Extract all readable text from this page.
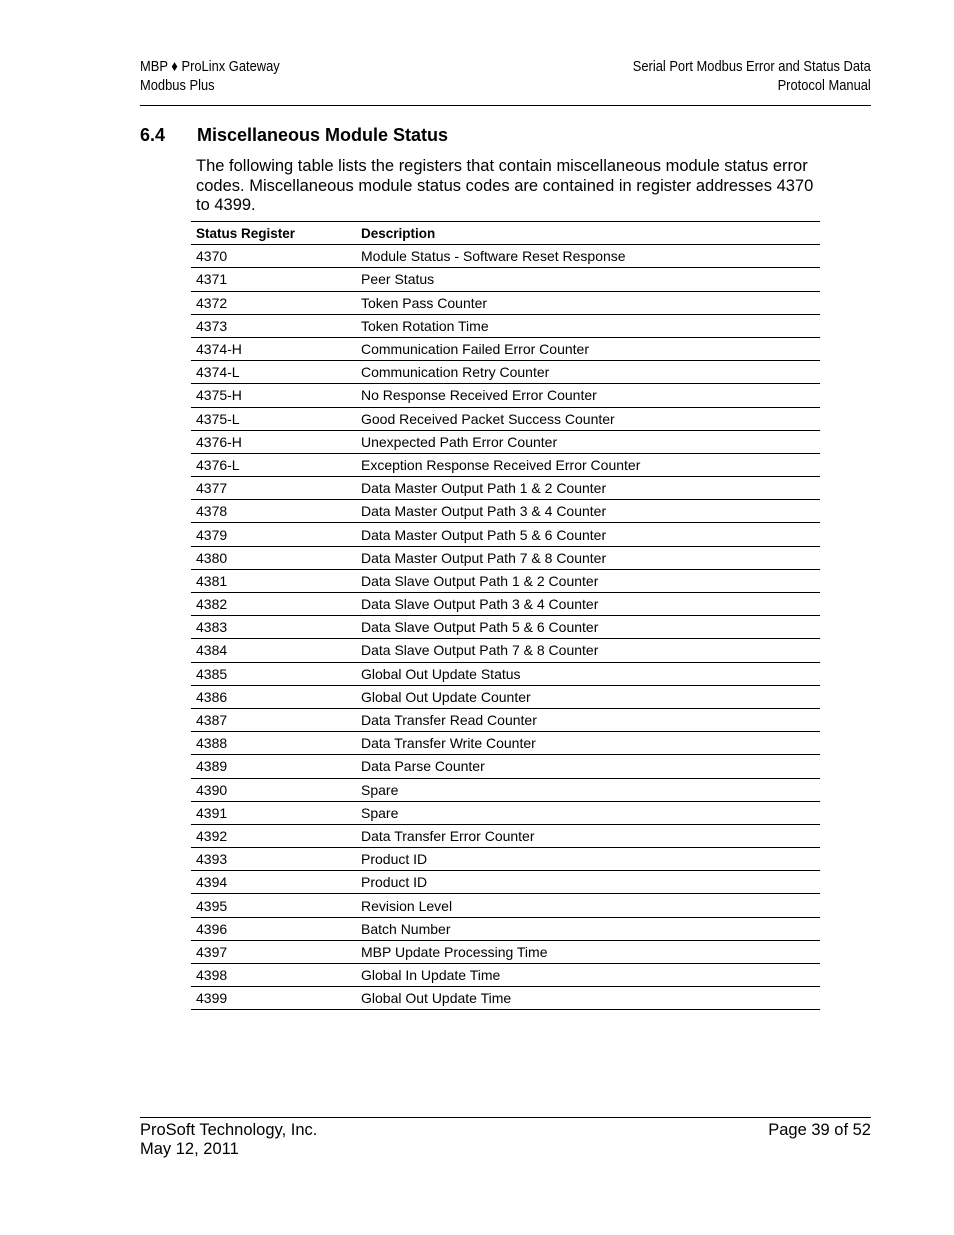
MBP ♦ ProLinx Gateway
Modbus Plus
Serial Port Modbus Error and Status Data
Protocol Manual
6.4 Miscellaneous Module Status
The following table lists the registers that contain miscellaneous module status error codes. Miscellaneous module status codes are contained in register addresses 4370 to 4399.
Status Register	Description
4370	Module Status - Software Reset Response
4371	Peer Status
4372	Token Pass Counter
4373	Token Rotation Time
4374-H	Communication Failed Error Counter
4374-L	Communication Retry Counter
4375-H	No Response Received Error Counter
4375-L	Good Received Packet Success Counter
4376-H	Unexpected Path Error Counter
4376-L	Exception Response Received Error Counter
4377	Data Master Output Path 1 & 2 Counter
4378	Data Master Output Path 3 & 4 Counter
4379	Data Master Output Path 5 & 6 Counter
4380	Data Master Output Path 7 & 8 Counter
4381	Data Slave Output Path 1 & 2 Counter
4382	Data Slave Output Path 3 & 4 Counter
4383	Data Slave Output Path 5 & 6 Counter
4384	Data Slave Output Path 7 & 8 Counter
4385	Global Out Update Status
4386	Global Out Update Counter
4387	Data Transfer Read Counter
4388	Data Transfer Write Counter
4389	Data Parse Counter
4390	Spare
4391	Spare
4392	Data Transfer Error Counter
4393	Product ID
4394	Product ID
4395	Revision Level
4396	Batch Number
4397	MBP Update Processing Time
4398	Global In Update Time
4399	Global Out Update Time
ProSoft Technology, Inc.
May 12, 2011
Page 39 of 52
